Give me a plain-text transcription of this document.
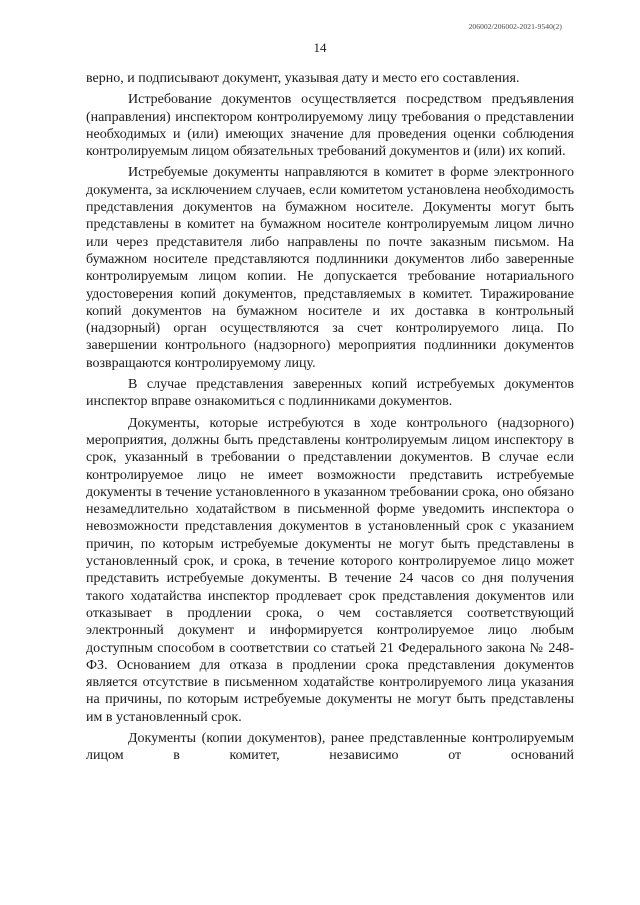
206002/206002-2021-9540(2)
14

верно, и подписывают документ, указывая дату и место его составления.

Истребование документов осуществляется посредством предъявления (направления) инспектором контролируемому лицу требования о представлении необходимых и (или) имеющих значение для проведения оценки соблюдения контролируемым лицом обязательных требований документов и (или) их копий.

Истребуемые документы направляются в комитет в форме электронного документа, за исключением случаев, если комитетом установлена необходимость представления документов на бумажном носителе. Документы могут быть представлены в комитет на бумажном носителе контролируемым лицом лично или через представителя либо направлены по почте заказным письмом. На бумажном носителе представляются подлинники документов либо заверенные контролируемым лицом копии. Не допускается требование нотариального удостоверения копий документов, представляемых в комитет. Тиражирование копий документов на бумажном носителе и их доставка в контрольный (надзорный) орган осуществляются за счет контролируемого лица. По завершении контрольного (надзорного) мероприятия подлинники документов возвращаются контролируемому лицу.

В случае представления заверенных копий истребуемых документов инспектор вправе ознакомиться с подлинниками документов.

Документы, которые истребуются в ходе контрольного (надзорного) мероприятия, должны быть представлены контролируемым лицом инспектору в срок, указанный в требовании о представлении документов. В случае если контролируемое лицо не имеет возможности представить истребуемые документы в течение установленного в указанном требовании срока, оно обязано незамедлительно ходатайством в письменной форме уведомить инспектора о невозможности представления документов в установленный срок с указанием причин, по которым истребуемые документы не могут быть представлены в установленный срок, и срока, в течение которого контролируемое лицо может представить истребуемые документы. В течение 24 часов со дня получения такого ходатайства инспектор продлевает срок представления документов или отказывает в продлении срока, о чем составляется соответствующий электронный документ и информируется контролируемое лицо любым доступным способом в соответствии со статьей 21 Федерального закона № 248-ФЗ. Основанием для отказа в продлении срока представления документов является отсутствие в письменном ходатайстве контролируемого лица указания на причины, по которым истребуемые документы не могут быть представлены им в установленный срок.

Документы (копии документов), ранее представленные контролируемым лицом в комитет, независимо от оснований
